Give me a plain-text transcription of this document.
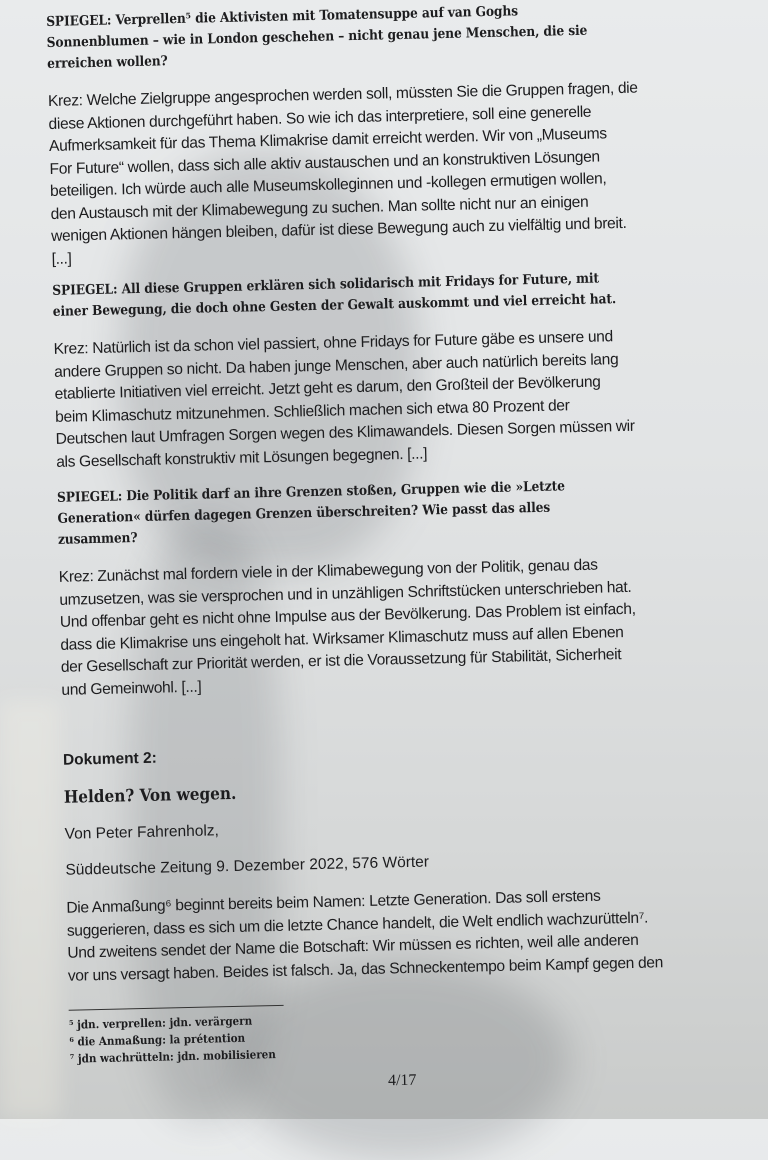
SPIEGEL: Verprellen⁵ die Aktivisten mit Tomatensuppe auf van Goghs
Sonnenblumen – wie in London geschehen – nicht genau jene Menschen, die sie
erreichen wollen?
Krez: Welche Zielgruppe angesprochen werden soll, müssten Sie die Gruppen fragen, die
diese Aktionen durchgeführt haben. So wie ich das interpretiere, soll eine generelle
Aufmerksamkeit für das Thema Klimakrise damit erreicht werden. Wir von „Museums
For Future“ wollen, dass sich alle aktiv austauschen und an konstruktiven Lösungen
beteiligen. Ich würde auch alle Museumskolleginnen und -kollegen ermutigen wollen,
den Austausch mit der Klimabewegung zu suchen. Man sollte nicht nur an einigen
wenigen Aktionen hängen bleiben, dafür ist diese Bewegung auch zu vielfältig und breit.
[...]
SPIEGEL: All diese Gruppen erklären sich solidarisch mit Fridays for Future, mit
einer Bewegung, die doch ohne Gesten der Gewalt auskommt und viel erreicht hat.
Krez: Natürlich ist da schon viel passiert, ohne Fridays for Future gäbe es unsere und
andere Gruppen so nicht. Da haben junge Menschen, aber auch natürlich bereits lang
etablierte Initiativen viel erreicht. Jetzt geht es darum, den Großteil der Bevölkerung
beim Klimaschutz mitzunehmen. Schließlich machen sich etwa 80 Prozent der
Deutschen laut Umfragen Sorgen wegen des Klimawandels. Diesen Sorgen müssen wir
als Gesellschaft konstruktiv mit Lösungen begegnen. [...]
SPIEGEL: Die Politik darf an ihre Grenzen stoßen, Gruppen wie die »Letzte
Generation« dürfen dagegen Grenzen überschreiten? Wie passt das alles
zusammen?
Krez: Zunächst mal fordern viele in der Klimabewegung von der Politik, genau das
umzusetzen, was sie versprochen und in unzähligen Schriftstücken unterschrieben hat.
Und offenbar geht es nicht ohne Impulse aus der Bevölkerung. Das Problem ist einfach,
dass die Klimakrise uns eingeholt hat. Wirksamer Klimaschutz muss auf allen Ebenen
der Gesellschaft zur Priorität werden, er ist die Voraussetzung für Stabilität, Sicherheit
und Gemeinwohl. [...]
Dokument 2:
Helden? Von wegen.
Von Peter Fahrenholz,
Süddeutsche Zeitung 9. Dezember 2022, 576 Wörter
Die Anmaßung⁶ beginnt bereits beim Namen: Letzte Generation. Das soll erstens
suggerieren, dass es sich um die letzte Chance handelt, die Welt endlich wachzurütteln⁷.
Und zweitens sendet der Name die Botschaft: Wir müssen es richten, weil alle anderen
vor uns versagt haben. Beides ist falsch. Ja, das Schneckentempo beim Kampf gegen den
⁵ jdn. verprellen: jdn. verärgern
⁶ die Anmaßung: la prétention
⁷ jdn wachrütteln: jdn. mobilisieren
4/17
